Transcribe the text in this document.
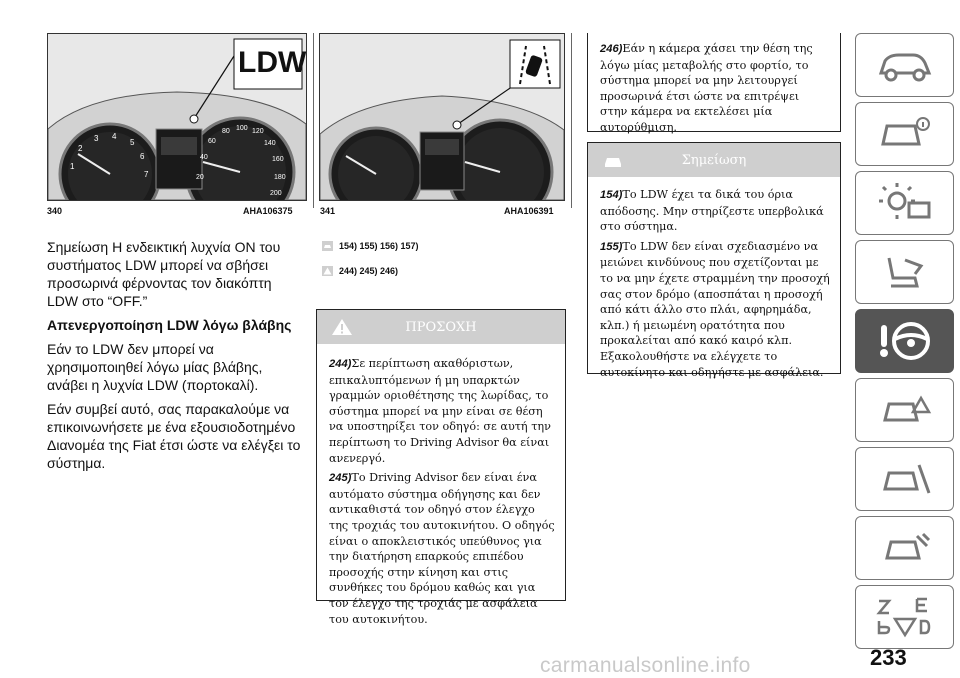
LDW
1
2
3 4
5
6
7	20
40
60
80 100 120
140
160
180
200
340	AHA106375	341	AHA106391

Σημείωση Η ενδεικτική λυχνία ON του συστήματος LDW μπορεί να σβήσει προσωρινά φέρνοντας τον διακόπτη LDW στο “OFF.”

Απενεργοποίηση LDW λόγω βλάβης

Εάν το LDW δεν μπορεί να χρησιμοποιηθεί λόγω μίας βλάβης, ανάβει η λυχνία LDW (πορτοκαλί).

Εάν συμβεί αυτό, σας παρακαλούμε να επικοινωνήσετε με ένα εξουσιοδοτημένο Διανομέα της Fiat έτσι ώστε να ελέγξει το σύστημα.

154) 155) 156) 157)
244) 245) 246)
ΠΡΟΣΟΧΗ

244)Σε περίπτωση ακαθόριστων, επικαλυπτόμενων ή μη υπαρκτών γραμμών οριοθέτησης της λωρίδας, το σύστημα μπορεί να μην είναι σε θέση να υποστηρίξει τον οδηγό: σε αυτή την περίπτωση το Driving Advisor θα είναι ανενεργό.

245)Το Driving Advisor δεν είναι ένα αυτόματο σύστημα οδήγησης και δεν αντικαθιστά τον οδηγό στον έλεγχο της τροχιάς του αυτοκινήτου. Ο οδηγός είναι ο αποκλειστικός υπεύθυνος για την διατήρηση επαρκούς επιπέδου προσοχής στην κίνηση και στις συνθήκες του δρόμου καθώς και για τον έλεγχο της τροχιάς με ασφάλεια του αυτοκινήτου.

246)Εάν η κάμερα χάσει την θέση της λόγω μίας μεταβολής στο φορτίο, το σύστημα μπορεί να μην λειτουργεί προσωρινά έτσι ώστε να επιτρέψει στην κάμερα να εκτελέσει μία αυτορύθμιση.

Σημείωση

154)Το LDW έχει τα δικά του όρια απόδοσης. Μην στηρίζεστε υπερβολικά στο σύστημα.

155)Το LDW δεν είναι σχεδιασμένο να μειώνει κινδύνους που σχετίζονται με το να μην έχετε στραμμένη την προσοχή σας στον δρόμο (αποσπάται η προσοχή από κάτι άλλο στο πλάι, αφηρημάδα, κλπ.) ή μειωμένη ορατότητα που προκαλείται από κακό καιρό κλπ. Εξακολουθήστε να ελέγχετε το αυτοκίνητο και οδηγήστε με ασφάλεια.

233
carmanualsonline.info
